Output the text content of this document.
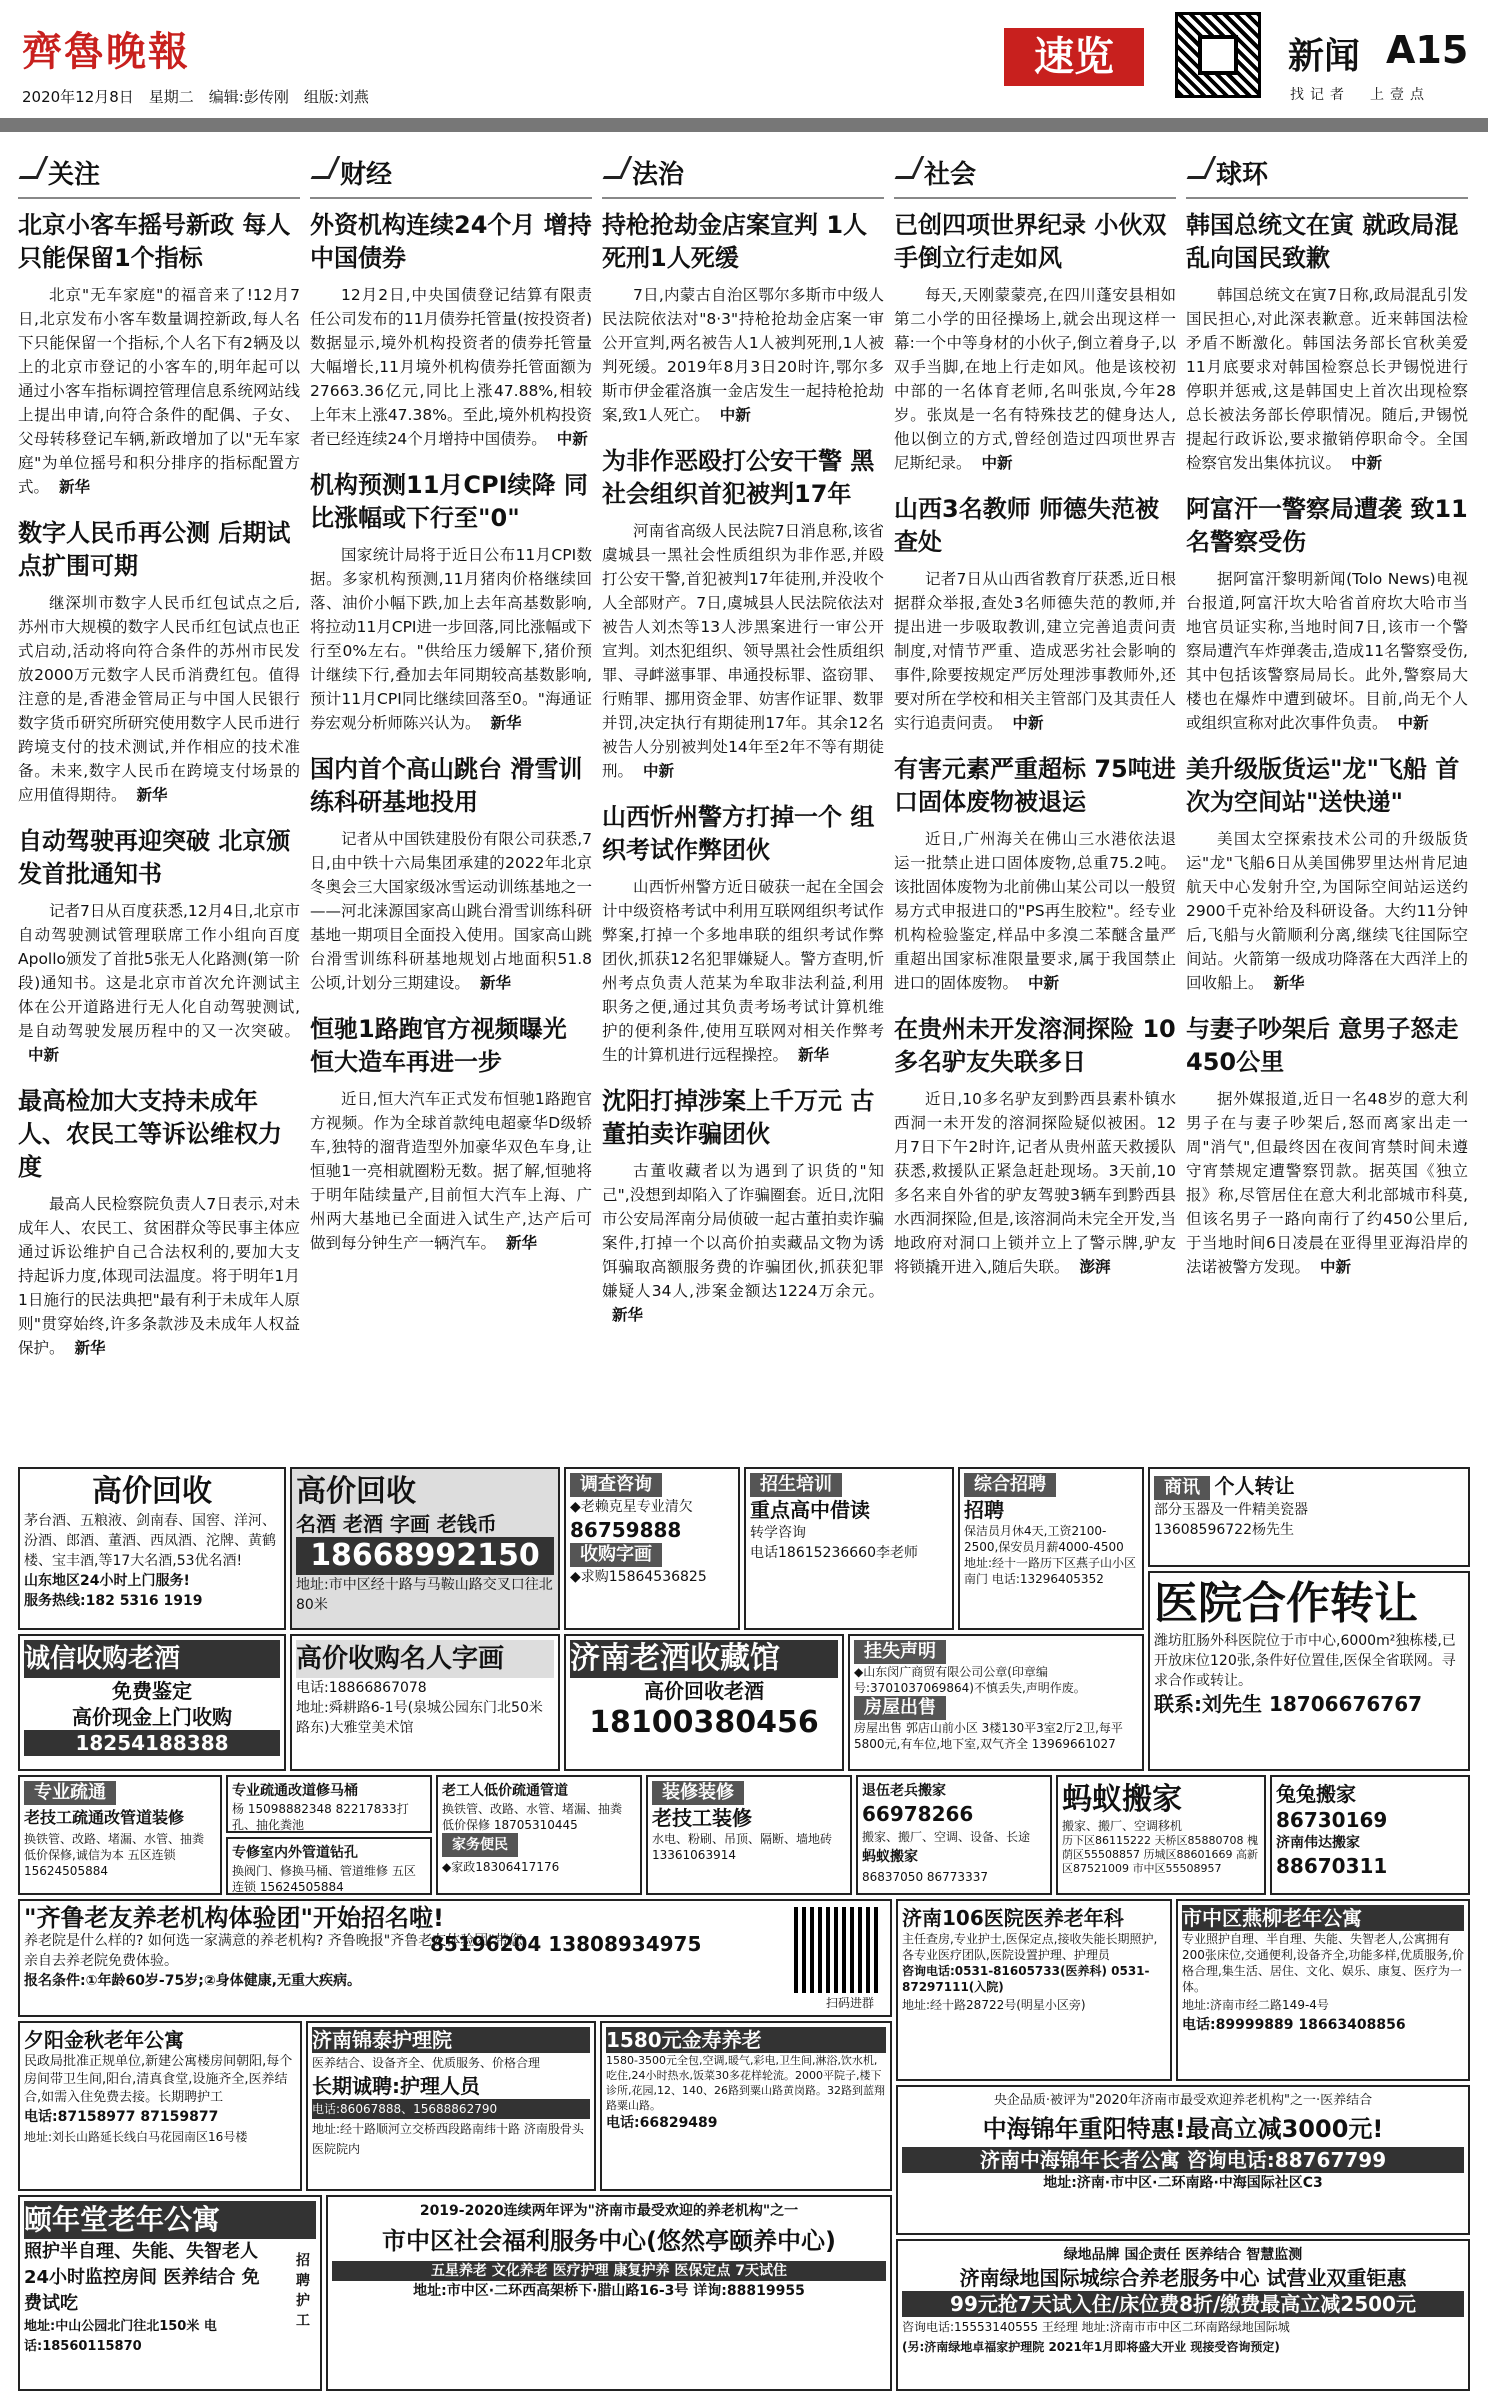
齊魯晚報
2020年12月8日　星期二　编辑:彭传刚　组版:刘燕
速览	新闻 A15
找记者　上壹点
关注
北京小客车摇号新政 每人只能保留1个指标

北京"无车家庭"的福音来了!12月7日,北京发布小客车数量调控新政,每人名下只能保留一个指标,个人名下有2辆及以上的北京市登记的小客车的,明年起可以通过小客车指标调控管理信息系统网站线上提出申请,向符合条件的配偶、子女、父母转移登记车辆,新政增加了以"无车家庭"为单位摇号和积分排序的指标配置方式。 新华

数字人民币再公测 后期试点扩围可期

继深圳市数字人民币红包试点之后,苏州市大规模的数字人民币红包试点也正式启动,活动将向符合条件的苏州市民发放2000万元数字人民币消费红包。值得注意的是,香港金管局正与中国人民银行数字货币研究所研究使用数字人民币进行跨境支付的技术测试,并作相应的技术准备。未来,数字人民币在跨境支付场景的应用值得期待。 新华

自动驾驶再迎突破 北京颁发首批通知书

记者7日从百度获悉,12月4日,北京市自动驾驶测试管理联席工作小组向百度Apollo颁发了首批5张无人化路测(第一阶段)通知书。这是北京市首次允许测试主体在公开道路进行无人化自动驾驶测试,是自动驾驶发展历程中的又一次突破。中新

最高检加大支持未成年人、农民工等诉讼维权力度

最高人民检察院负责人7日表示,对未成年人、农民工、贫困群众等民事主体应通过诉讼维护自己合法权利的,要加大支持起诉力度,体现司法温度。将于明年1月1日施行的民法典把"最有利于未成年人原则"贯穿始终,许多条款涉及未成年人权益保护。 新华

财经
外资机构连续24个月 增持中国债券

12月2日,中央国债登记结算有限责任公司发布的11月债券托管量(按投资者)数据显示,境外机构投资者的债券托管量大幅增长,11月境外机构债券托管面额为27663.36亿元,同比上涨47.88%,相较上年末上涨47.38%。至此,境外机构投资者已经连续24个月增持中国债券。 中新

机构预测11月CPI续降 同比涨幅或下行至"0"

国家统计局将于近日公布11月CPI数据。多家机构预测,11月猪肉价格继续回落、油价小幅下跌,加上去年高基数影响,将拉动11月CPI进一步回落,同比涨幅或下行至0%左右。"供给压力缓解下,猪价预计继续下行,叠加去年同期较高基数影响,预计11月CPI同比继续回落至0。"海通证券宏观分析师陈兴认为。 新华

国内首个高山跳台 滑雪训练科研基地投用

记者从中国铁建股份有限公司获悉,7日,由中铁十六局集团承建的2022年北京冬奥会三大国家级冰雪运动训练基地之一——河北涞源国家高山跳台滑雪训练科研基地一期项目全面投入使用。国家高山跳台滑雪训练科研基地规划占地面积51.8公顷,计划分三期建设。 新华

恒驰1路跑官方视频曝光 恒大造车再进一步

近日,恒大汽车正式发布恒驰1路跑官方视频。作为全球首款纯电超豪华D级轿车,独特的溜背造型外加豪华双色车身,让恒驰1一亮相就圈粉无数。据了解,恒驰将于明年陆续量产,目前恒大汽车上海、广州两大基地已全面进入试生产,达产后可做到每分钟生产一辆汽车。 新华

法治
持枪抢劫金店案宣判 1人死刑1人死缓

7日,内蒙古自治区鄂尔多斯市中级人民法院依法对"8·3"持枪抢劫金店案一审公开宣判,两名被告人1人被判死刑,1人被判死缓。2019年8月3日20时许,鄂尔多斯市伊金霍洛旗一金店发生一起持枪抢劫案,致1人死亡。 中新

为非作恶殴打公安干警 黑社会组织首犯被判17年

河南省高级人民法院7日消息称,该省虞城县一黑社会性质组织为非作恶,并殴打公安干警,首犯被判17年徒刑,并没收个人全部财产。7日,虞城县人民法院依法对被告人刘杰等13人涉黑案进行一审公开宣判。刘杰犯组织、领导黑社会性质组织罪、寻衅滋事罪、串通投标罪、盗窃罪、行贿罪、挪用资金罪、妨害作证罪、数罪并罚,决定执行有期徒刑17年。其余12名被告人分别被判处14年至2年不等有期徒刑。 中新

山西忻州警方打掉一个 组织考试作弊团伙

山西忻州警方近日破获一起在全国会计中级资格考试中利用互联网组织考试作弊案,打掉一个多地串联的组织考试作弊团伙,抓获12名犯罪嫌疑人。警方查明,忻州考点负责人范某为牟取非法利益,利用职务之便,通过其负责考场考试计算机维护的便利条件,使用互联网对相关作弊考生的计算机进行远程操控。 新华

沈阳打掉涉案上千万元 古董拍卖诈骗团伙

古董收藏者以为遇到了识货的"知己",没想到却陷入了诈骗圈套。近日,沈阳市公安局浑南分局侦破一起古董拍卖诈骗案件,打掉一个以高价拍卖藏品文物为诱饵骗取高额服务费的诈骗团伙,抓获犯罪嫌疑人34人,涉案金额达1224万余元。新华

社会
已创四项世界纪录 小伙双手倒立行走如风

每天,天刚蒙蒙亮,在四川蓬安县相如第二小学的田径操场上,就会出现这样一幕:一个中等身材的小伙子,倒立着身子,以双手当脚,在地上行走如风。他是该校初中部的一名体育老师,名叫张岚,今年28岁。张岚是一名有特殊技艺的健身达人,他以倒立的方式,曾经创造过四项世界吉尼斯纪录。 中新

山西3名教师 师德失范被查处

记者7日从山西省教育厅获悉,近日根据群众举报,查处3名师德失范的教师,并提出进一步吸取教训,建立完善追责问责制度,对情节严重、造成恶劣社会影响的事件,除要按规定严厉处理涉事教师外,还要对所在学校和相关主管部门及其责任人实行追责问责。 中新

有害元素严重超标 75吨进口固体废物被退运

近日,广州海关在佛山三水港依法退运一批禁止进口固体废物,总重75.2吨。该批固体废物为北前佛山某公司以一般贸易方式申报进口的"PS再生胶粒"。经专业机构检验鉴定,样品中多溴二苯醚含量严重超出国家标准限量要求,属于我国禁止进口的固体废物。 中新

在贵州未开发溶洞探险 10多名驴友失联多日

近日,10多名驴友到黔西县素朴镇水西洞一未开发的溶洞探险疑似被困。12月7日下午2时许,记者从贵州蓝天救援队获悉,救援队正紧急赶赴现场。3天前,10多名来自外省的驴友驾驶3辆车到黔西县水西洞探险,但是,该溶洞尚未完全开发,当地政府对洞口上锁并立上了警示牌,驴友将锁撬开进入,随后失联。 澎湃

球环
韩国总统文在寅 就政局混乱向国民致歉

韩国总统文在寅7日称,政局混乱引发国民担心,对此深表歉意。近来韩国法检矛盾不断激化。韩国法务部长官秋美爱11月底要求对韩国检察总长尹锡悦进行停职并惩戒,这是韩国史上首次出现检察总长被法务部长停职情况。随后,尹锡悦提起行政诉讼,要求撤销停职命令。全国检察官发出集体抗议。 中新

阿富汗一警察局遭袭 致11名警察受伤

据阿富汗黎明新闻(Tolo News)电视台报道,阿富汗坎大哈省首府坎大哈市当地官员证实称,当地时间7日,该市一个警察局遭汽车炸弹袭击,造成11名警察受伤,其中包括该警察局局长。此外,警察局大楼也在爆炸中遭到破坏。目前,尚无个人或组织宣称对此次事件负责。 中新

美升级版货运"龙"飞船 首次为空间站"送快递"

美国太空探索技术公司的升级版货运"龙"飞船6日从美国佛罗里达州肯尼迪航天中心发射升空,为国际空间站运送约2900千克补给及科研设备。大约11分钟后,飞船与火箭顺利分离,继续飞往国际空间站。火箭第一级成功降落在大西洋上的回收船上。 新华

与妻子吵架后 意男子怒走450公里

据外媒报道,近日一名48岁的意大利男子在与妻子吵架后,怒而离家出走一周"消气",但最终因在夜间宵禁时间未遵守宵禁规定遭警察罚款。据英国《独立报》称,尽管居住在意大利北部城市科莫,但该名男子一路向南行了约450公里后,于当地时间6日凌晨在亚得里亚海沿岸的法诺被警方发现。 中新

高价回收
茅台酒、五粮液、剑南春、国窖、洋河、汾酒、郎酒、董酒、西凤酒、沱牌、黄鹤楼、宝丰酒,等17大名酒,53优名酒!
山东地区24小时上门服务!
服务热线:182 5316 1919
高价回收
名酒 老酒 字画 老钱币
18668992150
地址:市中区经十路与马鞍山路交叉口往北80米
调查咨询
◆老赖克星专业清欠
86759888
收购字画
◆求购15864536825
招生培训
重点高中借读
转学咨询
电话18615236660李老师
综合招聘
招聘
保洁员月休4天,工资2100-2500,保安员月薪4000-4500 地址:经十一路历下区燕子山小区南门 电话:13296405352
商讯 个人转让
部分玉器及一件精美瓷器
13608596722杨先生
医院合作转让
潍坊肛肠外科医院位于市中心,6000m²独栋楼,已开放床位120张,条件好位置佳,医保全省联网。寻求合作或转让。
联系:刘先生 18706676767
诚信收购老酒
免费鉴定
高价现金上门收购
18254188388
高价收购名人字画
电话:18866867078
地址:舜耕路6-1号(泉城公园东门北50米路东)大雅堂美术馆
济南老酒收藏馆
高价回收老酒
18100380456
挂失声明
◆山东闵广商贸有限公司公章(印章编号:3701037069864)不慎丢失,声明作废。
房屋出售
房屋出售 郭店山前小区 3楼130平3室2厅2卫,每平5800元,有车位,地下室,双气齐全 13969661027
专业疏通
老技工疏通改管道装修
换铁管、改路、堵漏、水管、抽粪 低价保修,诚信为本 五区连锁 15624505884
专业疏通改道修马桶
杨 15098882348 82217833打孔、抽化粪池
专修室内外管道钻孔
换阀门、修换马桶、管道维修 五区连锁 15624505884
老工人低价疏通管道
换铁管、改路、水管、堵漏、抽粪 低价保修 18705310445
家务便民
◆家政18306417176
装修装修
老技工装修
水电、粉刷、吊顶、隔断、墙地砖13361063914
退伍老兵搬家
66978266
搬家、搬厂、空调、设备、长途
蚂蚁搬家
86837050 86773337
蚂蚁搬家
搬家、搬厂、空调移机
历下区86115222 天桥区85880708 槐荫区55508857 历城区88601669 高新区87521009 市中区55508957
兔兔搬家
86730169
济南伟达搬家
88670311
"齐鲁老友养老机构体验团"开始招名啦!
养老院是什么样的? 如何选一家满意的养老机构? 齐鲁晚报"齐鲁老友体验团"带您亲自去养老院免费体验。
85196204 13808934975
报名条件:①年龄60岁-75岁;②身体健康,无重大疾病。
扫码进群
济南106医院医养老年科
主任查房,专业护士,医保定点,接收失能长期照护,各专业医疗团队,医院设置护理、护理员
咨询电话:0531-81605733(医养科) 0531-87297111(入院)
地址:经十路28722号(明星小区旁)
市中区燕柳老年公寓
专业照护自理、半自理、失能、失智老人,公寓拥有200张床位,交通便利,设备齐全,功能多样,优质服务,价格合理,集生活、居住、文化、娱乐、康复、医疗为一体。
地址:济南市经二路149-4号
电话:89999889 18663408856
夕阳金秋老年公寓
民政局批准正规单位,新建公寓楼房间朝阳,每个房间带卫生间,阳台,清真食堂,设施齐全,医养结合,如需入住免费去接。长期聘护工
电话:87158977 87159877
地址:刘长山路延长线白马花园南区16号楼
济南锦泰护理院
医养结合、设备齐全、优质服务、价格合理
长期诚聘:护理人员
电话:86067888、15688862790
地址:经十路顺河立交桥西段路南纬十路 济南殷骨头医院院内
1580元金寿养老
1580-3500元全包,空调,暖气,彩电,卫生间,淋浴,饮水机,吃住,24小时热水,饭菜30多花样轮流。2000平院子,楼下诊所,花园,12、140、26路到粟山路黄岗路。32路到蓝翔路粟山路。
电话:66829489
央企品质·被评为"2020年济南市最受欢迎养老机构"之一·医养结合
中海锦年重阳特惠!最高立减3000元!
济南中海锦年长者公寓 咨询电话:88767799
地址:济南·市中区·二环南路·中海国际社区C3
颐年堂老年公寓
照护半自理、失能、失智老人 24小时监控房间 医养结合 免费试吃
地址:中山公园北门往北150米 电话:18560115870
招聘护工
2019-2020连续两年评为"济南市最受欢迎的养老机构"之一
市中区社会福利服务中心(悠然亭颐养中心)
五星养老 文化养老 医疗护理 康复护养 医保定点 7天试住
地址:市中区·二环西高架桥下·腊山路16-3号 详询:88819955
绿地品牌 国企责任 医养结合 智慧监测
济南绿地国际城综合养老服务中心 试营业双重钜惠
99元抢7天试入住/床位费8折/缴费最高立减2500元
咨询电话:15553140555 王经理 地址:济南市市中区二环南路绿地国际城
(另:济南绿地卓福家护理院 2021年1月即将盛大开业 现接受咨询预定)
